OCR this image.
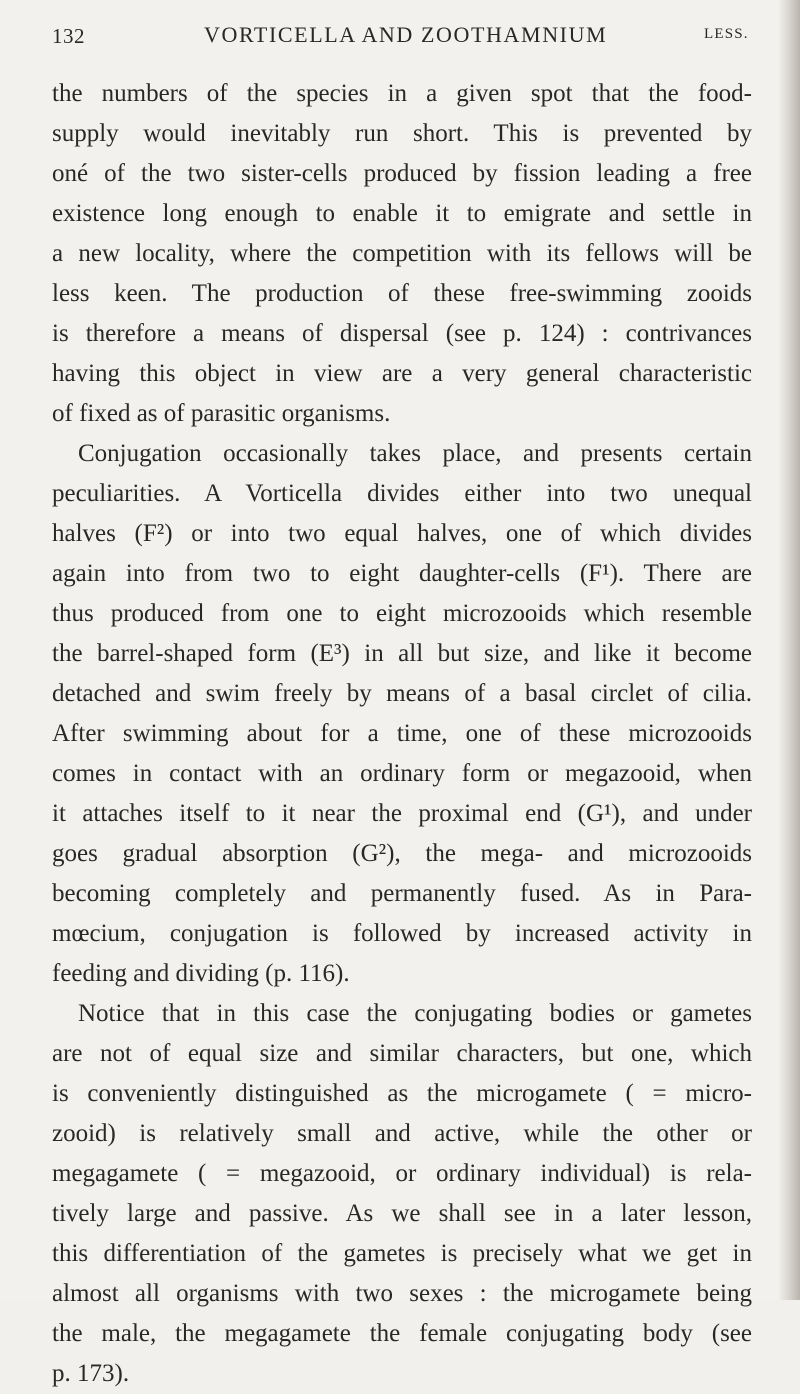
132	VORTICELLA AND ZOOTHAMNIUM	LESS.
the numbers of the species in a given spot that the food-
supply would inevitably run short. This is prevented by
oné of the two sister-cells produced by fission leading a free
existence long enough to enable it to emigrate and settle in
a new locality, where the competition with its fellows will be
less keen. The production of these free-swimming zooids
is therefore a means of dispersal (see p. 124) : contrivances
having this object in view are a very general characteristic
of fixed as of parasitic organisms.
Conjugation occasionally takes place, and presents certain
peculiarities. A Vorticella divides either into two unequal
halves (F²) or into two equal halves, one of which divides
again into from two to eight daughter-cells (F¹). There are
thus produced from one to eight microzooids which resemble
the barrel-shaped form (E³) in all but size, and like it become
detached and swim freely by means of a basal circlet of cilia.
After swimming about for a time, one of these microzooids
comes in contact with an ordinary form or megazooid, when
it attaches itself to it near the proximal end (G¹), and under
goes gradual absorption (G²), the mega- and microzooids
becoming completely and permanently fused. As in Para-
mœcium, conjugation is followed by increased activity in
feeding and dividing (p. 116).
Notice that in this case the conjugating bodies or gametes
are not of equal size and similar characters, but one, which
is conveniently distinguished as the microgamete ( = micro-
zooid) is relatively small and active, while the other or
megagamete ( = megazooid, or ordinary individual) is rela-
tively large and passive. As we shall see in a later lesson,
this differentiation of the gametes is precisely what we get in
almost all organisms with two sexes : the microgamete being
the male, the megagamete the female conjugating body (see
p. 173).
